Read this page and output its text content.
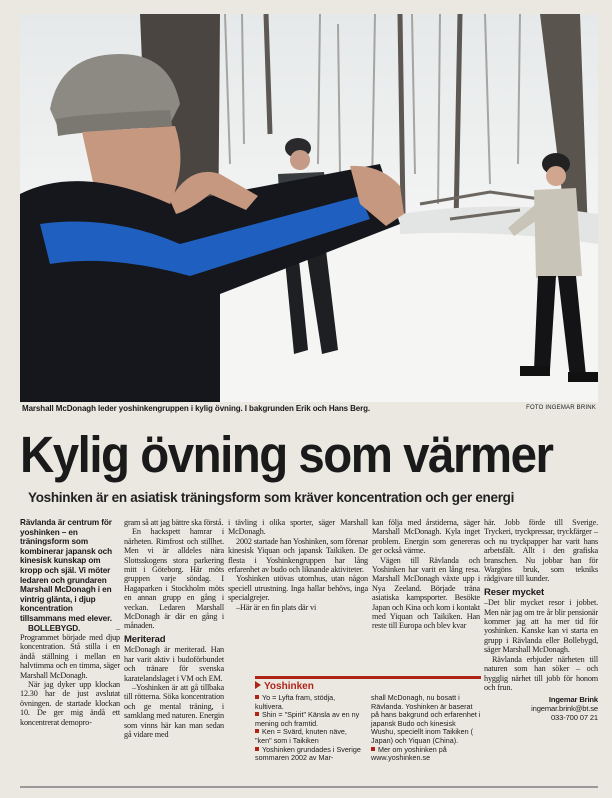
Marshall McDonagh leder yoshinkengruppen i kylig övning. I bakgrunden Erik och Hans Berg.	FOTO INGEMAR BRINK
Kylig övning som värmer
Yoshinken är en asiatisk träningsform som kräver koncentration och ger energi

Rävlanda är centrum för yoshinken – en träningsform som kombinerar japansk och kinesisk kunskap om kropp och själ. Vi möter ledaren och grundaren Marshall McDonagh i en vintrig glänta, i djup koncentration tillsammans med elever.

BOLLEBYGD. –Programmet började med djup koncentration. Stå stilla i en ändå ställning i mellan en halvtimma och en timma, säger Marshall McDonagh.

När jag dyker upp klockan 12.30 har de just avslutat övningen. de startade klockan 10. De ger mig ändå ett koncentrerat demopro-

gram så att jag bättre ska förstå.

En hackspett hamrar i närheten. Rimfrost och stillhet. Men vi är alldeles nära Slottsskogens stora parkering mitt i Göteborg. Här möts gruppen varje söndag. I Hagaparken i Stockholm möts en annan grupp en gång i veckan. Ledaren Marshall McDonagh är där en gång i månaden.

Meriterad

McDonagh är meriterad. Han har varit aktiv i budoförbundet och tränare för svenska karatelandslaget i VM och EM.

–Yoshinken är att gå tillbaka till rötterna. Söka koncentration och ge mental träning, i samklang med naturen. Energin som vinns här kan man sedan gå vidare med

i tävling i olika sporter, säger Marshall McDonagh.

2002 startade han Yoshinken, som förenar kinesisk Yiquan och japansk Taikiken. De flesta i Yoshinkengruppen har lång erfarenhet av budo och liknande aktiviteter.

Yoshinken utövas utomhus, utan någon speciell utrustning. Inga hallar behövs, inga specialgrejer.

–Här är en fin plats där vi

kan följa med årstiderna, säger Marshall McDonagh. Kyla inget problem. Energin som genereras ger också värme.

Vägen till Rävlanda och Yoshinken har varit en lång resa. Marshall McDonagh växte upp i Nya Zeeland. Började träna asiatiska kampsporter. Besökte Japan och Kina och kom i kontakt med Yiquan och Taikiken. Han reste till Europa och blev kvar

här. Jobb förde till Sverige. Tryckeri, tryckpressar, tryckfärger – och nu tryckpapper har varit hans arbetsfält. Allt i den grafiska branschen. Nu jobbar han för Wargöns bruk, som tekniks rådgivare till kunder.

Reser mycket

–Det blir mycket resor i jobbet. Men när jag om tre år blir pensionär kommer jag att ha mer tid för yoshinken. Kanske kan vi starta en grupp i Rävlanda eller Bollebygd, säger Marshall McDonagh.

Rävlanda erbjuder närheten till naturen som han söker – och hygglig närhet till jobb för honom och frun.

Ingemar Brink
ingemar.brink@bt.se
033-700 07 21
Yoshinken

Yo = Lyfta fram, stödja, kultivera.

Shin = "Spirit" Känsla av en ny mening och framtid.

Ken = Svärd, knuten näve, "ken" som i Taikiken

Yoshinken grundades i Sverige sommaren 2002 av Mar-

shall McDonagh, nu bosatt i Rävlanda. Yoshinken är baserat på hans bakgrund och erfarenhet i japansk Budo och kinesisk Wushu, speciellt inom Taikiken ( Japan) och Yiquan (China).

Mer om yoshinken på www.yoshinken.se
